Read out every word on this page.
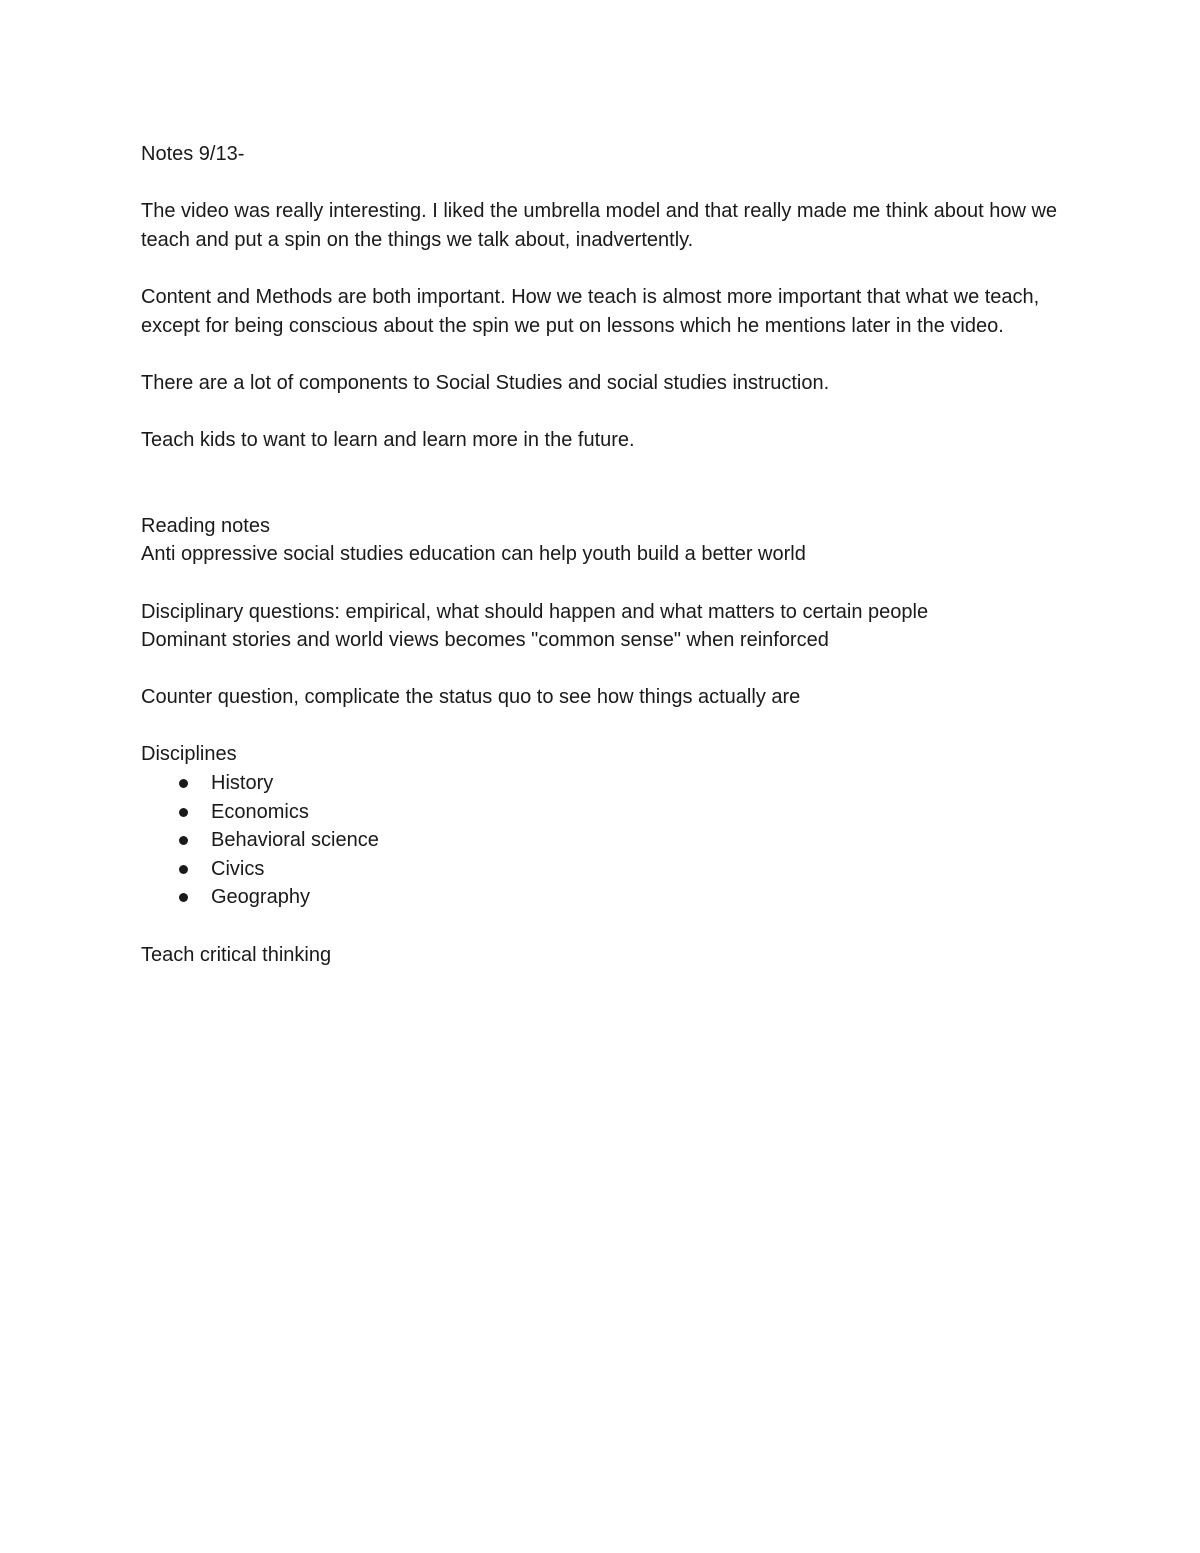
Notes 9/13-

The video was really interesting. I liked the umbrella model and that really made me think about how we teach and put a spin on the things we talk about, inadvertently.

Content and Methods are both important. How we teach is almost more important that what we teach, except for being conscious about the spin we put on lessons which he mentions later in the video.

There are a lot of components to Social Studies and social studies instruction.

Teach kids to want to learn and learn more in the future.

Reading notes

Anti oppressive social studies education can help youth build a better world

Disciplinary questions: empirical, what should happen and what matters to certain people

Dominant stories and world views becomes "common sense" when reinforced

Counter question, complicate the status quo to see how things actually are

Disciplines

History
Economics
Behavioral science
Civics
Geography

Teach critical thinking
